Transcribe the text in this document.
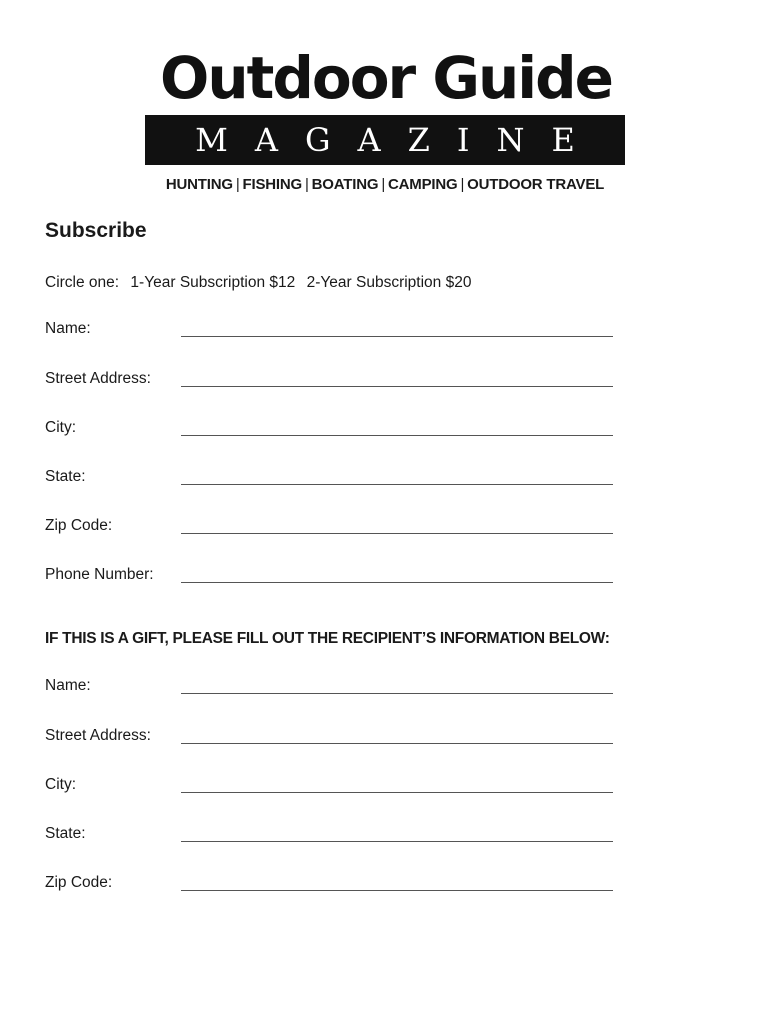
Outdoor Guide
MAGAZINE
HUNTING | FISHING | BOATING | CAMPING | OUTDOOR TRAVEL
Subscribe
Circle one: 1-Year Subscription $12 2-Year Subscription $20
Name:
Street Address:
City:
State:
Zip Code:
Phone Number:
IF THIS IS A GIFT, PLEASE FILL OUT THE RECIPIENT’S INFORMATION BELOW:
Name:
Street Address:
City:
State:
Zip Code:
